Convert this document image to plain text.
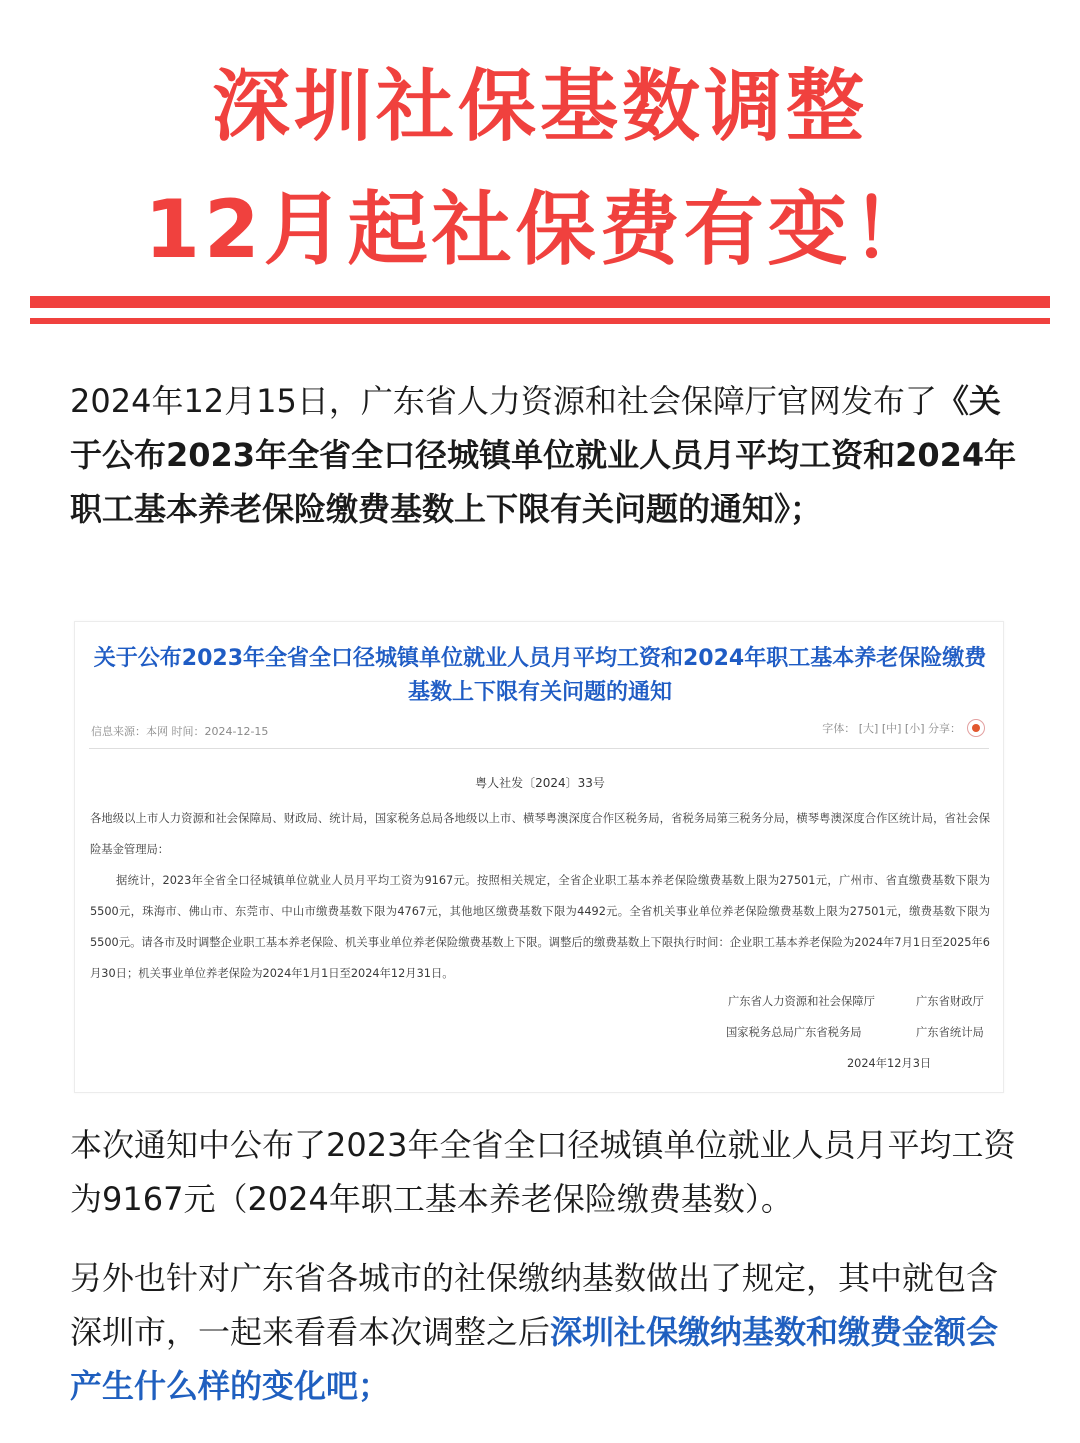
深圳社保基数调整
12月起社保费有变！
2024年12月15日，广东省人力资源和社会保障厅官网发布了《关于公布2023年全省全口径城镇单位就业人员月平均工资和2024年职工基本养老保险缴费基数上下限有关问题的通知》；
关于公布2023年全省全口径城镇单位就业人员月平均工资和2024年职工基本养老保险缴费基数上下限有关问题的通知
信息来源：本网 时间：2024-12-15	字体： [大] [中] [小] 分享：
粤人社发〔2024〕33号

各地级以上市人力资源和社会保障局、财政局、统计局，国家税务总局各地级以上市、横琴粤澳深度合作区税务局，省税务局第三税务分局，横琴粤澳深度合作区统计局，省社会保险基金管理局：

据统计，2023年全省全口径城镇单位就业人员月平均工资为9167元。按照相关规定，全省企业职工基本养老保险缴费基数上限为27501元，广州市、省直缴费基数下限为5500元，珠海市、佛山市、东莞市、中山市缴费基数下限为4767元，其他地区缴费基数下限为4492元。全省机关事业单位养老保险缴费基数上限为27501元，缴费基数下限为5500元。请各市及时调整企业职工基本养老保险、机关事业单位养老保险缴费基数上下限。调整后的缴费基数上下限执行时间：企业职工基本养老保险为2024年7月1日至2025年6月30日；机关事业单位养老保险为2024年1月1日至2024年12月31日。

广东省人力资源和社会保障厅	广东省财政厅
国家税务总局广东省税务局	广东省统计局
2024年12月3日
本次通知中公布了2023年全省全口径城镇单位就业人员月平均工资为9167元（2024年职工基本养老保险缴费基数）。
另外也针对广东省各城市的社保缴纳基数做出了规定，其中就包含深圳市，一起来看看本次调整之后深圳社保缴纳基数和缴费金额会产生什么样的变化吧；
